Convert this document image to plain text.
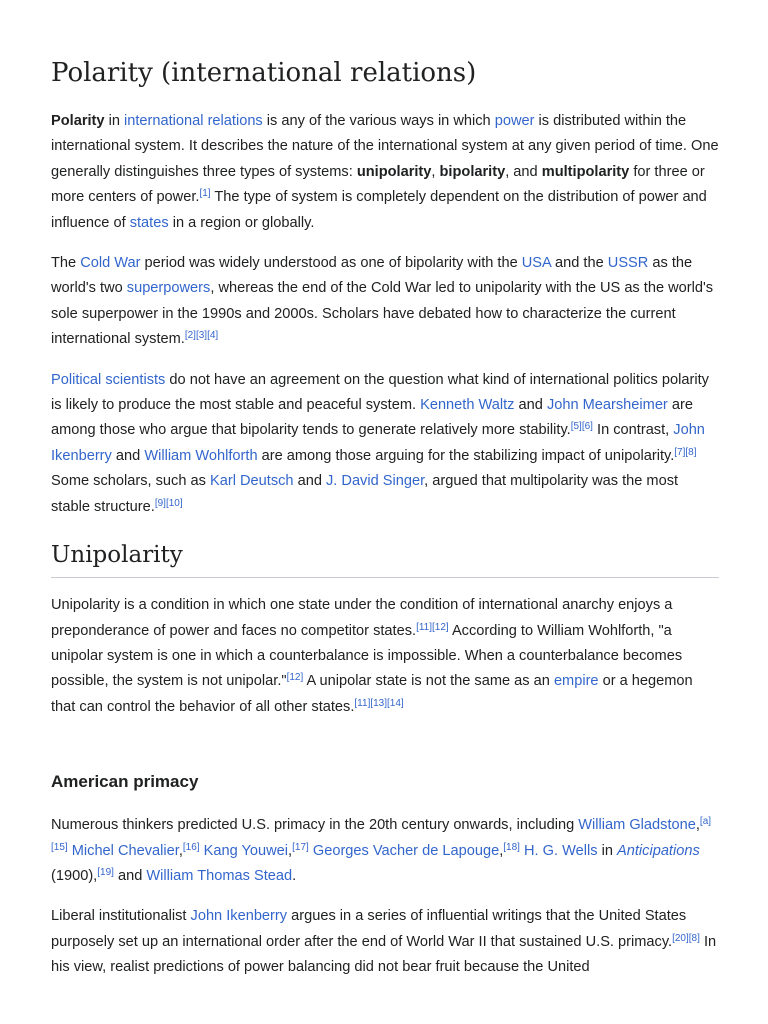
Polarity (international relations)

Polarity in international relations is any of the various ways in which power is distributed within the international system. It describes the nature of the international system at any given period of time. One generally distinguishes three types of systems: unipolarity, bipolarity, and multipolarity for three or more centers of power.[1] The type of system is completely dependent on the distribution of power and influence of states in a region or globally.

The Cold War period was widely understood as one of bipolarity with the USA and the USSR as the world's two superpowers, whereas the end of the Cold War led to unipolarity with the US as the world's sole superpower in the 1990s and 2000s. Scholars have debated how to characterize the current international system.[2][3][4]

Political scientists do not have an agreement on the question what kind of international politics polarity is likely to produce the most stable and peaceful system. Kenneth Waltz and John Mearsheimer are among those who argue that bipolarity tends to generate relatively more stability.[5][6] In contrast, John Ikenberry and William Wohlforth are among those arguing for the stabilizing impact of unipolarity.[7][8] Some scholars, such as Karl Deutsch and J. David Singer, argued that multipolarity was the most stable structure.[9][10]

Unipolarity

Unipolarity is a condition in which one state under the condition of international anarchy enjoys a preponderance of power and faces no competitor states.[11][12] According to William Wohlforth, "a unipolar system is one in which a counterbalance is impossible. When a counterbalance becomes possible, the system is not unipolar."[12] A unipolar state is not the same as an empire or a hegemon that can control the behavior of all other states.[11][13][14]

American primacy

Numerous thinkers predicted U.S. primacy in the 20th century onwards, including William Gladstone,[a][15] Michel Chevalier,[16] Kang Youwei,[17] Georges Vacher de Lapouge,[18] H. G. Wells in Anticipations (1900),[19] and William Thomas Stead.

Liberal institutionalist John Ikenberry argues in a series of influential writings that the United States purposely set up an international order after the end of World War II that sustained U.S. primacy.[20][8] In his view, realist predictions of power balancing did not bear fruit because the United
